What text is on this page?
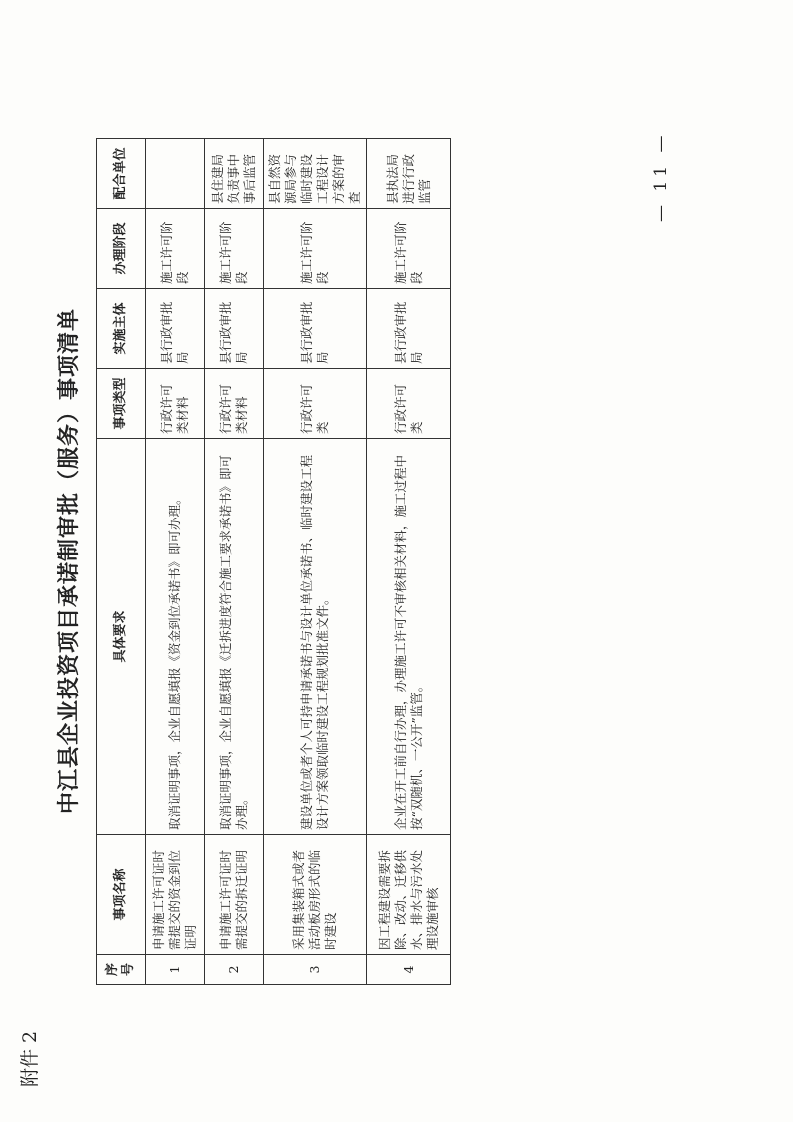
附件 2
中江县企业投资项目承诺制审批（服务）事项清单
序号	事项名称	具体要求	事项类型	实施主体	办理阶段	配合单位
1	申请施工许可证时需提交的资金到位证明	取消证明事项，企业自愿填报《资金到位承诺书》即可办理。	行政许可类材料	县行政审批局	施工许可阶段	
2	申请施工许可证时需提交的拆迁证明	取消证明事项，企业自愿填报《迁拆进度符合施工要求承诺书》即可办理。	行政许可类材料	县行政审批局	施工许可阶段	县住建局负责事中事后监管
3	采用集装箱式或者活动板房形式的临时建设	建设单位或者个人可持申请承诺书与设计单位承诺书、临时建设工程设计方案领取临时建设工程规划批准文件。	行政许可类	县行政审批局	施工许可阶段	县自然资源局参与临时建设工程设计方案的审查
4	因工程建设需要拆除、改动、迁移供水、排水与污水处理设施审核	企业在开工前自行办理，办理施工许可不审核相关材料，施工过程中按“双随机、一公开”监管。	行政许可类	县行政审批局	施工许可阶段	县执法局进行行政监管	— 11 —
